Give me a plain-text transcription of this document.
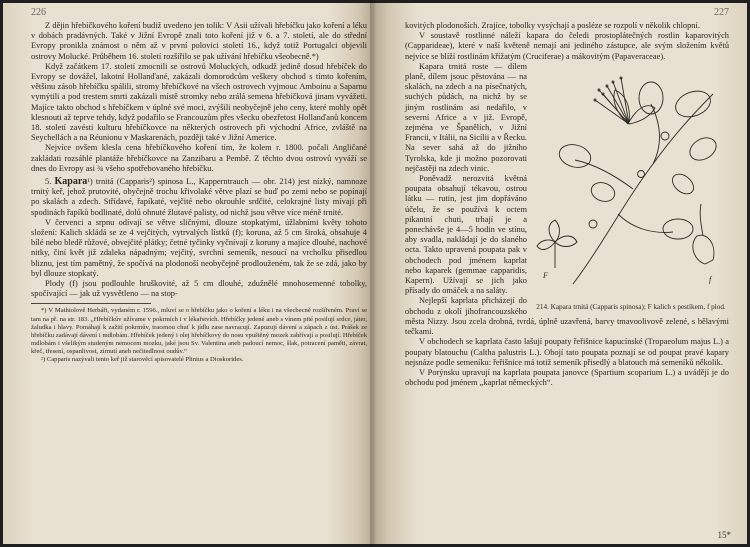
226

Z dějin hřebíčkového koření budiž uvedeno jen tolik: V Asii užívali hřebíčku jako koření a léku v dobách pradávných. Také v Jižní Evropě znali toto koření již v 6. a 7. století, ale do střední Evropy pronikla známost o něm až v první polovici století 16., když totiž Portugalci objevili ostrovy Molucké. Průběhem 16. století rozšířilo se pak užívání hřebíčku všeobecně.*)

Když začátkem 17. století zmocnili se ostrovů Moluckých, odkudž jedině dosud hřebíček do Evropy se dovážel, lakotní Hollanďané, zakázali domorodcům veškery obchod s tímto kořením, většinu zásob hřebíčku spálili, stromy hřebíčkové na všech ostrovech vyjmouc Amboinu a Saparnu vymýtili a pod trestem smrti zakázali místě stromky nebo zrálá semena hřebíčková jinam vyvážeti. Majíce takto obchod s hřebíčkem v úplné své moci, zvýšili neobyčejně jeho ceny, které mohly opět klesnouti až teprve tehdy, když podařilo se Francouzům přes všecku obezřetost Hollanďanů koncem 18. století zavésti kulturu hřebíčkovce na některých ostrovech při východní Africe, zvláště na Seychellách a na Réunionu v Maskarenách, později také v Jižní Americe.

Nejvíce ovšem klesla cena hřebíčkového koření tím, že kolem r. 1800. počali Angličané zakládati rozsáhlé plantáže hřebíčkovce na Zanzibaru a Pembě. Z těchto dvou ostrovů vyváží se dnes do Evropy asi ¾ všeho spotřebovaného hřebíčku.

5. Kapara¹) trnitá (Capparis²) spinosa L., Kapperntrauch — obr. 214) jest nízký, namnoze trnitý keř, jehož prutovité, obyčejně trochu křivolaké větve plazí se buď po zemi nebo se popínají po skalách a zdech. Střídavé, řapíkaté, vejčité nebo okrouhle srdčité, celokrajné listy mívají při spodinách řapíků bodlinaté, dolů ohnuté žlutavé palisty, od nichž jsou větve více méně trnité.

V červenci a srpnu odívají se větve sličnými, dlouze stopkatými, úžlabními květy tohoto složení: Kalich skládá se ze 4 vejčitých, vytrvalých lístků (f); koruna, až 5 cm široká, obsahuje 4 bílé nebo bledě růžové, obvejčité plátky; četné tyčinky vyčnívají z koruny a majíce dlouhé, nachové nitky, činí květ již zdaleka nápadným; vejčitý, svrchní semeník, nesoucí na vrcholku přisedlou bliznu, jest tím pamětný, že spočívá na plodonoší neobyčejně prodlouženém, tak že se zdá, jako by byl dlouze stopkatý.

Plody (f) jsou podlouhle hruškovité, až 5 cm dlouhé, zdužnělé mnohosemenné tobolky, spočívající — jak už vysvětleno — na stop-

*) V Mathiolově Herbáři, vydaném r. 1596., mluví se o hřebíčku jako o koření a léku i na všecbecně rozšířeném. Praví se tam na př. na str. 183. „Hřebíčkův užívame v pokrmích i v lékařstvích. Hřebíčky jedené aneb s vínem pité posilují srdce, játer, žaludka i hlavy. Pomáhají k zažití pokrmův, tracenou chuť k jídlu zase navracují. Zapuzují dávení a zápach z úst. Prášek ze hřebíčku zadávají dávení i mdlobám. Hřebíček jedený i olej hřebíčkový do nosu vpuštěný mozek zahřívají a posilují. Hřebíček mdlobám i všelikým studeným nemocem mozku, jaké jsou Sv. Valentina aneb padoucí nemoc, šlak, potracení paměti, závrat, křeč, třesení, ospanlivost, zírnutí aneb nečitedlnost oudův.“

²) Capparis nazývali tento keř již starověcí spisovatelé Plinius a Dioskorides.

227

kovitých plodonoších. Zrajíce, tobolky vysýchají a posléze se rozpolí v několik chlopní.

V soustavě rostlinné náleží kapara do čeledi prostoplátečných rostlin kaparovitých (Capparideae), které v naší květeně nemají ani jediného zástupce, ale svým složením květů nejvíce se blíží rostlinám křížatým (Cruciferae) a mákovitým (Papaveraceae).

F	f
214. Kapara trnitá (Capparis spinosa); F kalich s pestíkem, f plod.

Kapara trnitá roste — dílem planě, dílem jsouc pěstována — na skalách, na zdech a na písečnatých, suchých půdách, na nichž by se jiným rostlinám asi nedařilo, v severní Africe a v již. Evropě, zejména ve Španělích, v Jižní Francii, v Itálii, na Sicílii a v Řecku. Na sever sahá až do jižního Tyrolska, kde ji možno pozorovati nejčastěji na zdech vinic.

Poněvadž nerozvitá květná poupata obsahují tékavou, ostrou látku — rutin, jest jim dopřáváno účelu, že se používá k octem pikantní chuti, trhají je a ponechávše je 4—5 hodin ve stínu, aby svadla, nakládají je do slaného octa. Takto upravená poupata pak v obchodech pod jménem kaprlat nebo kaparek (gemmae capparidis, Kapern). Užívají se jich jako přísady do omáček a na saláty.

Nejlepší kaprlata přicházejí do obchodu z okolí jihofrancouzského města Nizzy. Jsou zcela drobná, tvrdá, úplně uzavřená, barvy tmavoolivově zelené, s bělavými tečkami.

V obchodech se kaprlata často lašují poupaty řeřišnice kapucínské (Tropaeolum majus L.) a poupaty blatouchu (Caltha palustris L.). Obojí tato poupata poznají se od poupat pravé kapary nejsnáze podle semeníku: řeřišnice má totiž semeník přisedlý a blatouch má semeníků několik.

V Porýnsku upravují na kaprlata poupata janovce (Spartium scoparium L.) a uvádějí je do obchodu pod jménem „kaprlat německých“.

15*
